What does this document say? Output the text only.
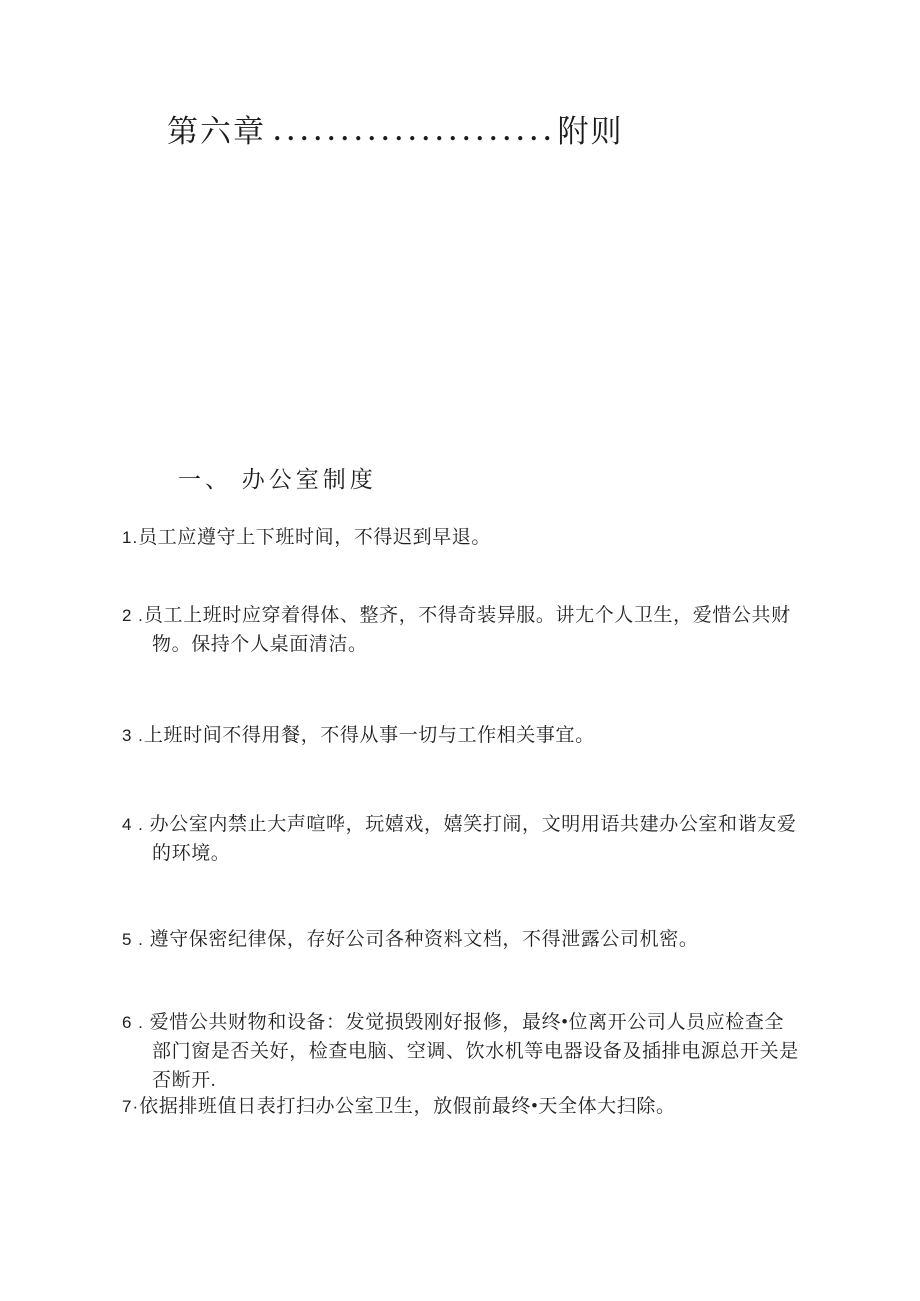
第六章 .....................附则
一、 办公室制度

1.员工应遵守上下班时间，不得迟到早退。

2 .员工上班时应穿着得体、整齐，不得奇装异服。讲尢个人卫生，爱惜公共财物。保持个人桌面清洁。

3 .上班时间不得用餐，不得从事一切与工作相关事宜。

4 . 办公室内禁止大声喧哗，玩嬉戏，嬉笑打闹，文明用语共建办公室和谐友爱的环境。

5 . 遵守保密纪律保，存好公司各种资料文档，不得泄露公司机密。

6 . 爱惜公共财物和设备：发觉损毁刚好报修，最终•位离开公司人员应检查全部门窗是否关好，检查电脑、空调、饮水机等电器设备及插排电源总开关是否断开.

7·依据排班值日表打扫办公室卫生，放假前最终•天全体大扫除。
